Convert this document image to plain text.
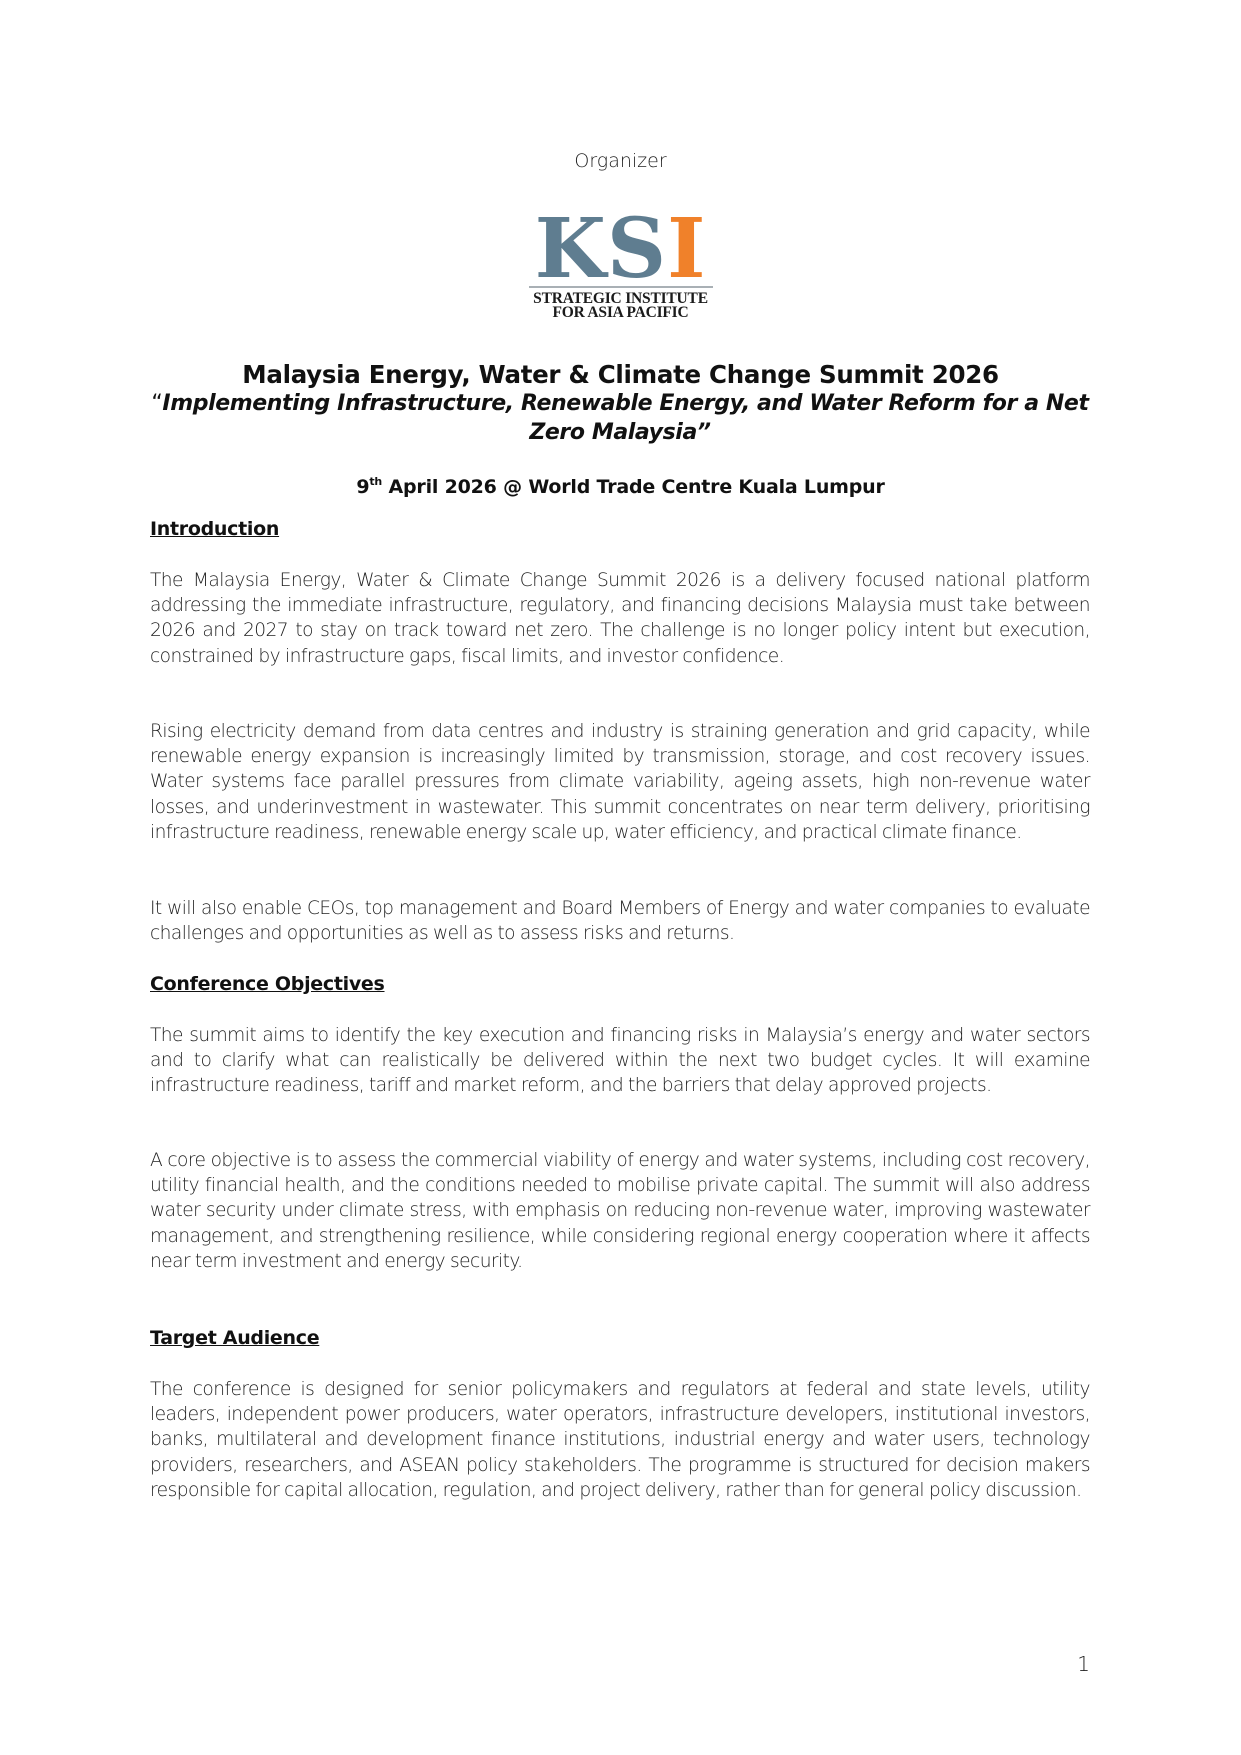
Organizer
KSI
STRATEGIC INSTITUTE
FOR ASIA PACIFIC
Malaysia Energy, Water & Climate Change Summit 2026
“Implementing Infrastructure, Renewable Energy, and Water Reform for a Net Zero Malaysia”
9th April 2026 @ World Trade Centre Kuala Lumpur
Introduction
The Malaysia Energy, Water & Climate Change Summit 2026 is a delivery focused national platform addressing the immediate infrastructure, regulatory, and financing decisions Malaysia must take between 2026 and 2027 to stay on track toward net zero. The challenge is no longer policy intent but execution, constrained by infrastructure gaps, fiscal limits, and investor confidence.
Rising electricity demand from data centres and industry is straining generation and grid capacity, while renewable energy expansion is increasingly limited by transmission, storage, and cost recovery issues. Water systems face parallel pressures from climate variability, ageing assets, high non-revenue water losses, and underinvestment in wastewater. This summit concentrates on near term delivery, prioritising infrastructure readiness, renewable energy scale up, water efficiency, and practical climate finance.
It will also enable CEOs, top management and Board Members of Energy and water companies to evaluate challenges and opportunities as well as to assess risks and returns.
Conference Objectives
The summit aims to identify the key execution and financing risks in Malaysia’s energy and water sectors and to clarify what can realistically be delivered within the next two budget cycles. It will examine infrastructure readiness, tariff and market reform, and the barriers that delay approved projects.
A core objective is to assess the commercial viability of energy and water systems, including cost recovery, utility financial health, and the conditions needed to mobilise private capital. The summit will also address water security under climate stress, with emphasis on reducing non-revenue water, improving wastewater management, and strengthening resilience, while considering regional energy cooperation where it affects near term investment and energy security.
Target Audience
The conference is designed for senior policymakers and regulators at federal and state levels, utility leaders, independent power producers, water operators, infrastructure developers, institutional investors, banks, multilateral and development finance institutions, industrial energy and water users, technology providers, researchers, and ASEAN policy stakeholders. The programme is structured for decision makers responsible for capital allocation, regulation, and project delivery, rather than for general policy discussion.
1
